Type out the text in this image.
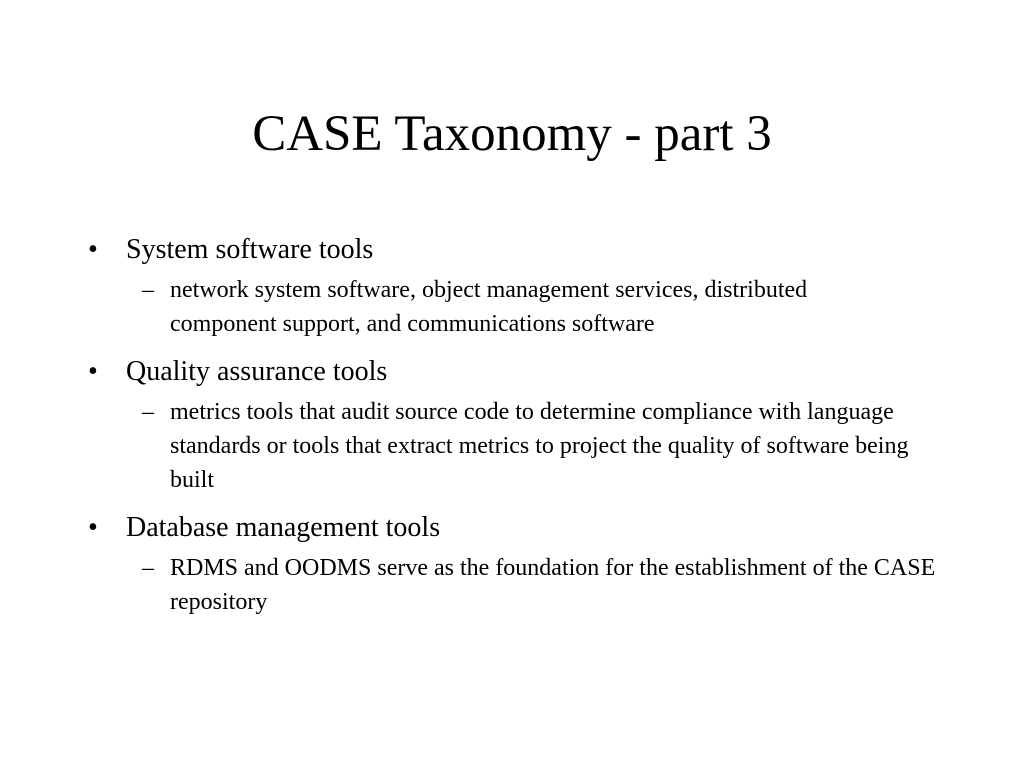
CASE Taxonomy - part 3
• System software tools
– network system software, object management services, distributed component support, and communications software
• Quality assurance tools
– metrics tools that audit source code to determine compliance with language standards or tools that extract metrics to project the quality of software being built
• Database management tools
– RDMS and OODMS serve as the foundation for the establishment of the CASE repository
